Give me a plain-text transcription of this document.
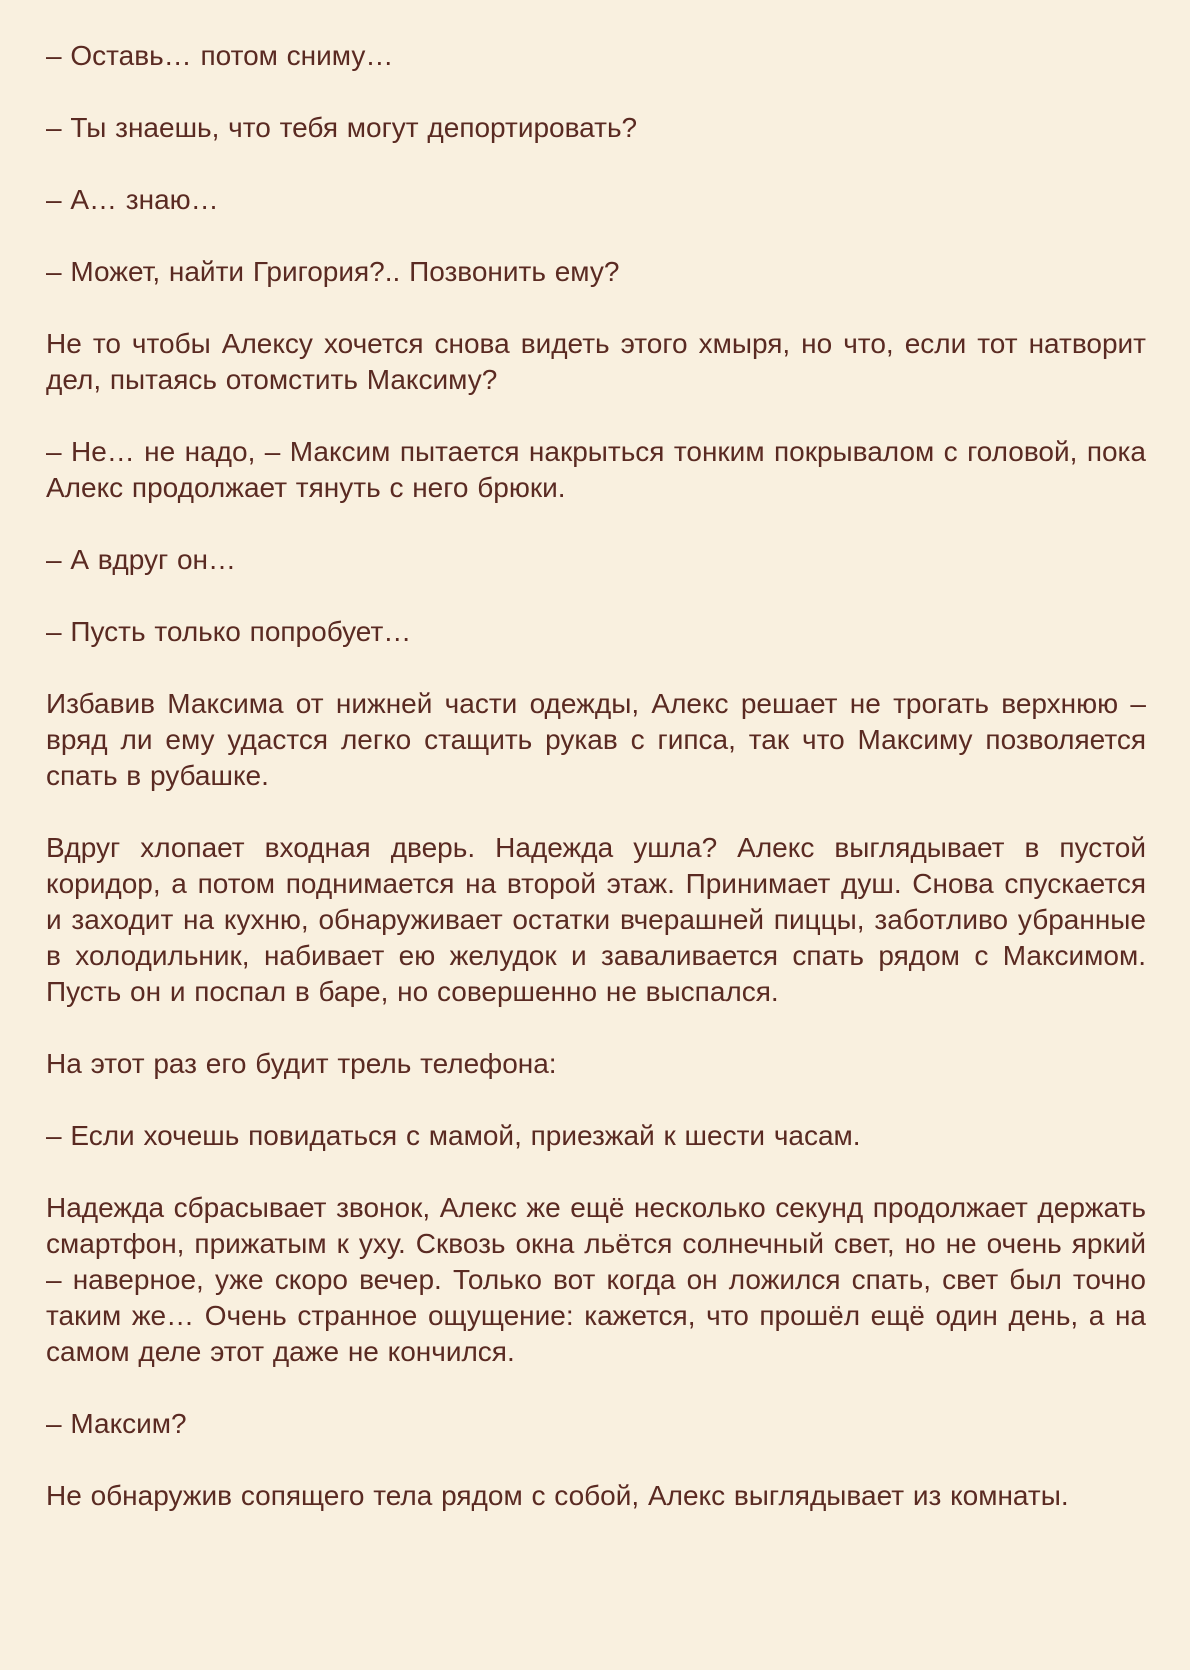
– Оставь… потом сниму…

– Ты знаешь, что тебя могут депортировать?

– А… знаю…

– Может, найти Григория?.. Позвонить ему?

Не то чтобы Алексу хочется снова видеть этого хмыря, но что, если тот натворит дел, пытаясь отомстить Максиму?

– Не… не надо, – Максим пытается накрыться тонким покрывалом с головой, пока Алекс продолжает тянуть с него брюки.

– А вдруг он…

– Пусть только попробует…

Избавив Максима от нижней части одежды, Алекс решает не трогать верхнюю – вряд ли ему удастся легко стащить рукав с гипса, так что Максиму позволяется спать в рубашке.

Вдруг хлопает входная дверь. Надежда ушла? Алекс выглядывает в пустой коридор, а потом поднимается на второй этаж. Принимает душ. Снова спускается и заходит на кухню, обнаруживает остатки вчерашней пиццы, заботливо убранные в холодильник, набивает ею желудок и заваливается спать рядом с Максимом. Пусть он и поспал в баре, но совершенно не выспался.

На этот раз его будит трель телефона:

– Если хочешь повидаться с мамой, приезжай к шести часам.

Надежда сбрасывает звонок, Алекс же ещё несколько секунд продолжает держать смартфон, прижатым к уху. Сквозь окна льётся солнечный свет, но не очень яркий – наверное, уже скоро вечер. Только вот когда он ложился спать, свет был точно таким же… Очень странное ощущение: кажется, что прошёл ещё один день, а на самом деле этот даже не кончился.

– Максим?

Не обнаружив сопящего тела рядом с собой, Алекс выглядывает из комнаты.
